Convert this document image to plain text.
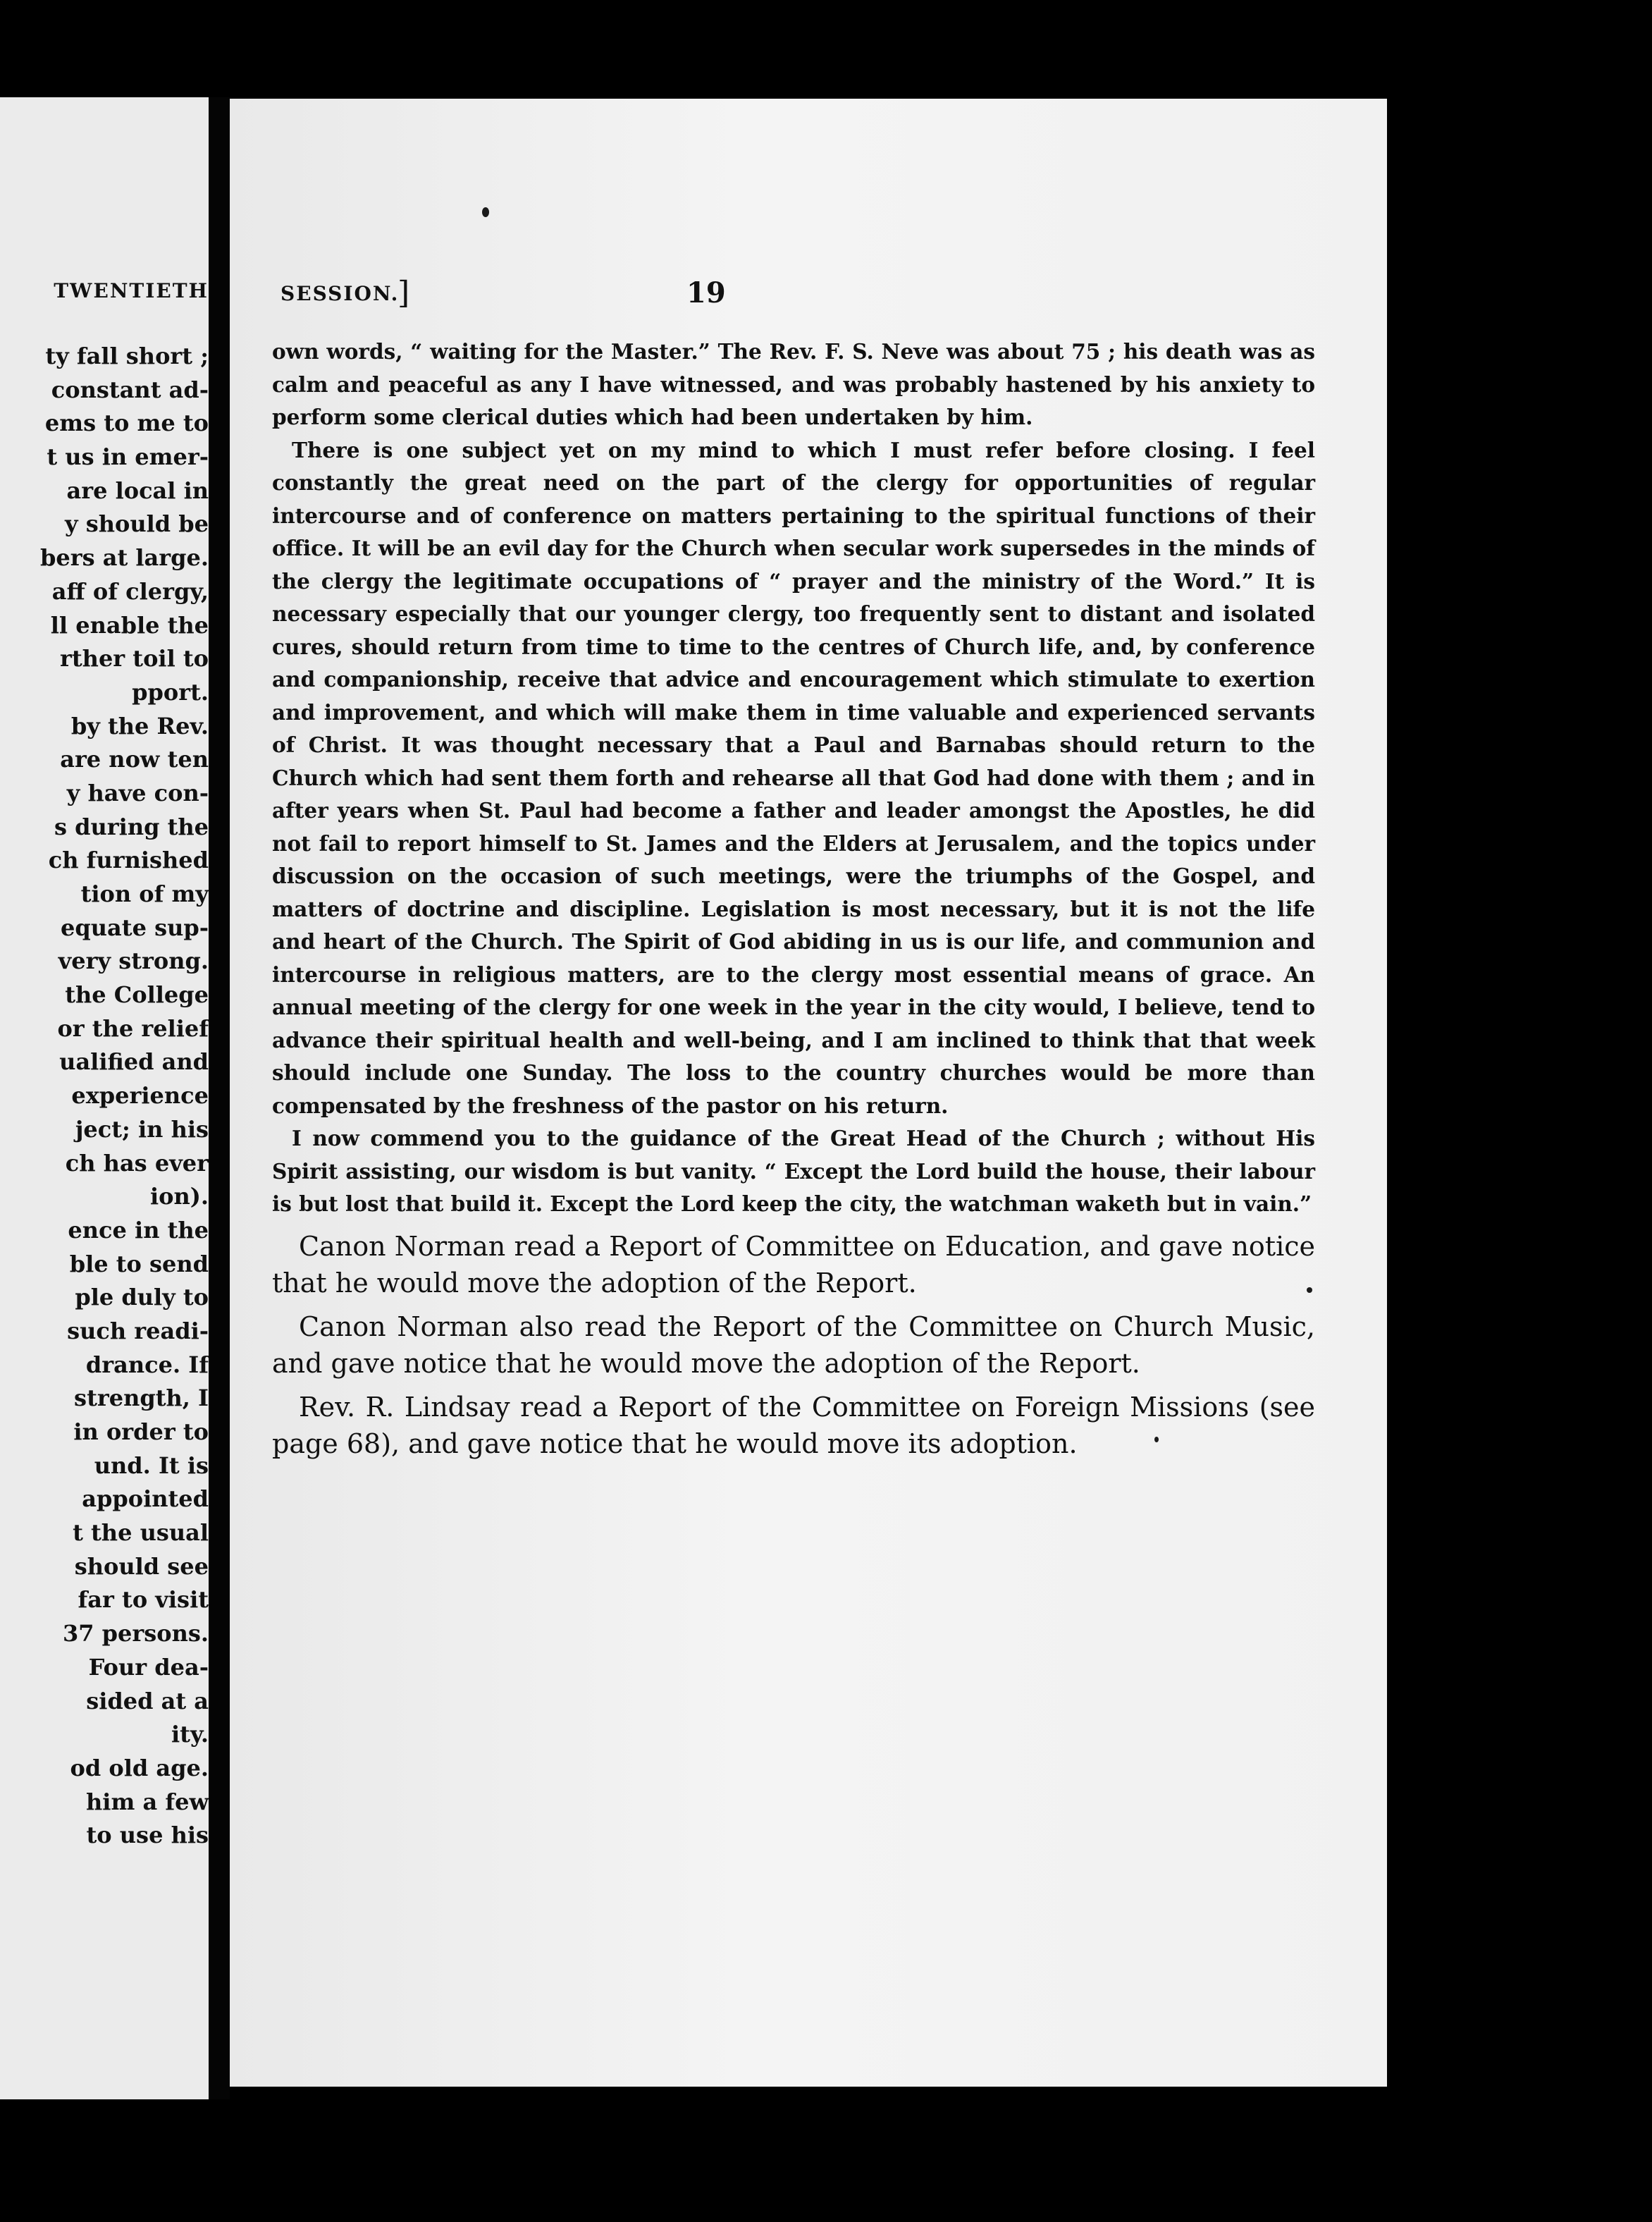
TWENTIETH
ty fall short ;
constant ad-
ems to me to
t us in emer-
are local in
y should be
bers at large.
aff of clergy,
ll enable the
rther toil to
pport.
by the Rev.
are now ten
y have con-
s during the
ch furnished
tion of my
equate sup-
very strong.
the College
or the relief
ualified and
experience
ject; in his
ch has ever
ion).
ence in the
ble to send
ple duly to
such readi-
drance. If
strength, I
in order to
und. It is
appointed
t the usual
should see
far to visit
37 persons.
Four dea-
sided at a
ity.
od old age.
him a few
to use his
SESSION.
]	19

own words, “ waiting for the Master.” The Rev. F. S. Neve was about 75 ; his death was as calm and peaceful as any I have witnessed, and was probably hastened by his anxiety to perform some clerical duties which had been undertaken by him.

There is one subject yet on my mind to which I must refer before closing. I feel constantly the great need on the part of the clergy for opportunities of regular intercourse and of conference on matters pertaining to the spiritual functions of their office. It will be an evil day for the Church when secular work supersedes in the minds of the clergy the legitimate occupations of “ prayer and the ministry of the Word.” It is necessary especially that our younger clergy, too frequently sent to distant and isolated cures, should return from time to time to the centres of Church life, and, by conference and companionship, receive that advice and encouragement which stimulate to exertion and improvement, and which will make them in time valuable and experienced servants of Christ. It was thought necessary that a Paul and Barnabas should return to the Church which had sent them forth and rehearse all that God had done with them ; and in after years when St. Paul had become a father and leader amongst the Apostles, he did not fail to report himself to St. James and the Elders at Jerusalem, and the topics under discussion on the occasion of such meetings, were the triumphs of the Gospel, and matters of doctrine and discipline. Legislation is most necessary, but it is not the life and heart of the Church. The Spirit of God abiding in us is our life, and communion and intercourse in religious matters, are to the clergy most essential means of grace. An annual meeting of the clergy for one week in the year in the city would, I believe, tend to advance their spiritual health and well-being, and I am inclined to think that that week should include one Sunday. The loss to the country churches would be more than compensated by the freshness of the pastor on his return.

I now commend you to the guidance of the Great Head of the Church ; without His Spirit assisting, our wisdom is but vanity. “ Except the Lord build the house, their labour is but lost that build it. Except the Lord keep the city, the watchman waketh but in vain.”

Canon Norman read a Report of Committee on Education, and gave notice that he would move the adoption of the Report.

Canon Norman also read the Report of the Committee on Church Music, and gave notice that he would move the adoption of the Report.

Rev. R. Lindsay read a Report of the Committee on Foreign Missions (see page 68), and gave notice that he would move its adoption.
